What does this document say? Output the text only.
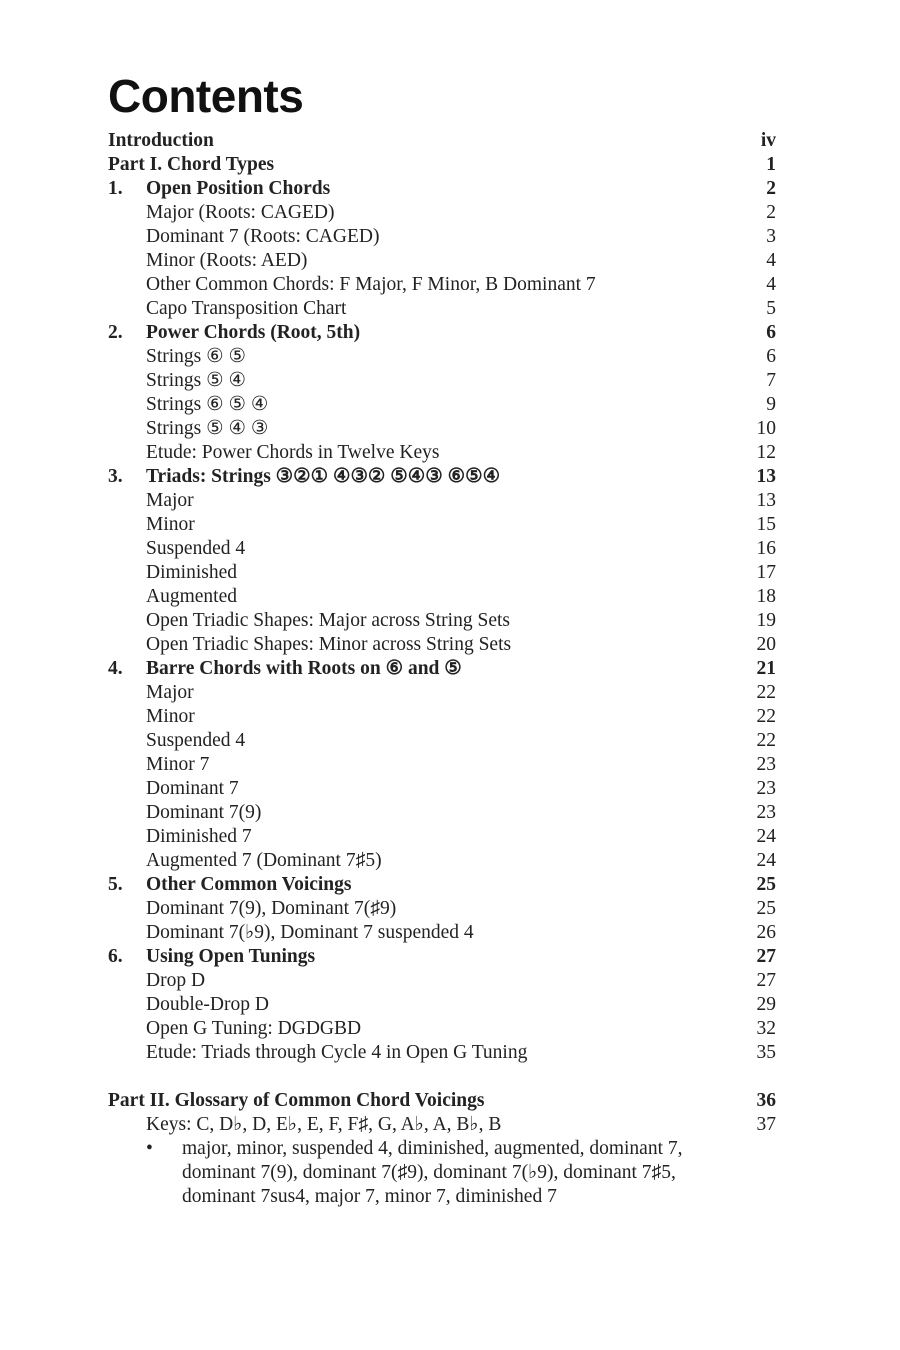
Contents
Introduction	iv
Part I. Chord Types	1
1. Open Position Chords	2
Major (Roots: CAGED)	2
Dominant 7 (Roots: CAGED)	3
Minor (Roots: AED)	4
Other Common Chords: F Major, F Minor, B Dominant 7	4
Capo Transposition Chart	5
2. Power Chords (Root, 5th)	6
Strings ⑥ ⑤	6
Strings ⑤ ④	7
Strings ⑥ ⑤ ④	9
Strings ⑤ ④ ③	10
Etude: Power Chords in Twelve Keys	12
3. Triads: Strings ③②① ④③② ⑤④③ ⑥⑤④	13
Major	13
Minor	15
Suspended 4	16
Diminished	17
Augmented	18
Open Triadic Shapes: Major across String Sets	19
Open Triadic Shapes: Minor across String Sets	20
4. Barre Chords with Roots on ⑥ and ⑤	21
Major	22
Minor	22
Suspended 4	22
Minor 7	23
Dominant 7	23
Dominant 7(9)	23
Diminished 7	24
Augmented 7 (Dominant 7♯5)	24
5. Other Common Voicings	25
Dominant 7(9), Dominant 7(♯9)	25
Dominant 7(♭9), Dominant 7 suspended 4	26
6. Using Open Tunings	27
Drop D	27
Double-Drop D	29
Open G Tuning: DGDGBD	32
Etude: Triads through Cycle 4 in Open G Tuning	35
Part II. Glossary of Common Chord Voicings	36
Keys: C, D♭, D, E♭, E, F, F♯, G, A♭, A, B♭, B	37
• major, minor, suspended 4, diminished, augmented, dominant 7, dominant 7(9), dominant 7(♯9), dominant 7(♭9), dominant 7♯5, dominant 7sus4, major 7, minor 7, diminished 7
